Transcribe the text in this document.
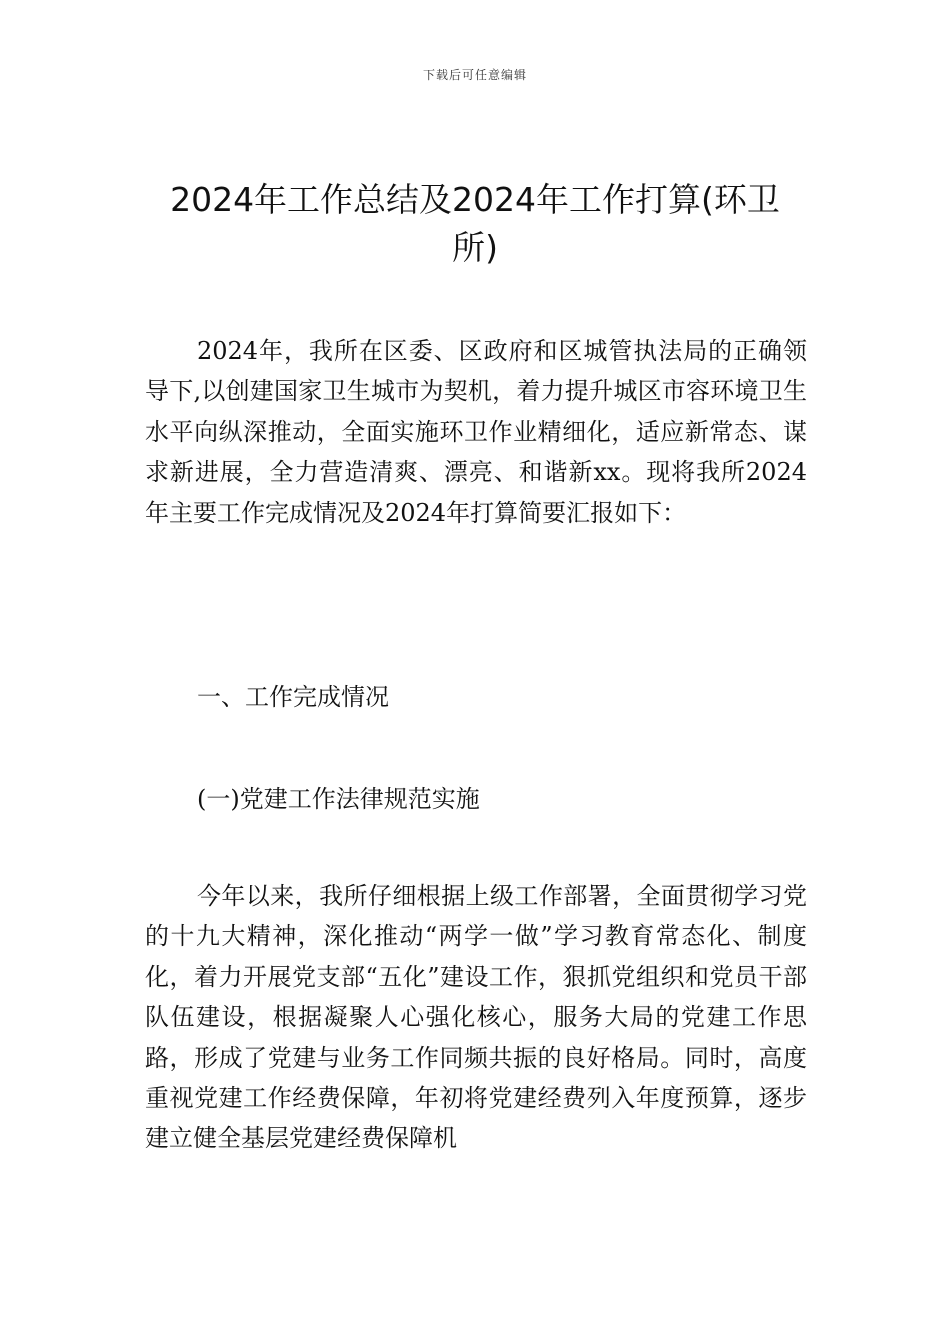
下载后可任意编辑
2024年工作总结及2024年工作打算(环卫所)

2024年，我所在区委、区政府和区城管执法局的正确领导下,以创建国家卫生城市为契机，着力提升城区市容环境卫生水平向纵深推动，全面实施环卫作业精细化，适应新常态、谋求新进展，全力营造清爽、漂亮、和谐新xx。现将我所2024年主要工作完成情况及2024年打算简要汇报如下：

一、工作完成情况

(一)党建工作法律规范实施

今年以来，我所仔细根据上级工作部署，全面贯彻学习党的十九大精神，深化推动“两学一做”学习教育常态化、制度化，着力开展党支部“五化”建设工作，狠抓党组织和党员干部队伍建设，根据凝聚人心强化核心，服务大局的党建工作思路，形成了党建与业务工作同频共振的良好格局。同时，高度重视党建工作经费保障，年初将党建经费列入年度预算，逐步建立健全基层党建经费保障机
